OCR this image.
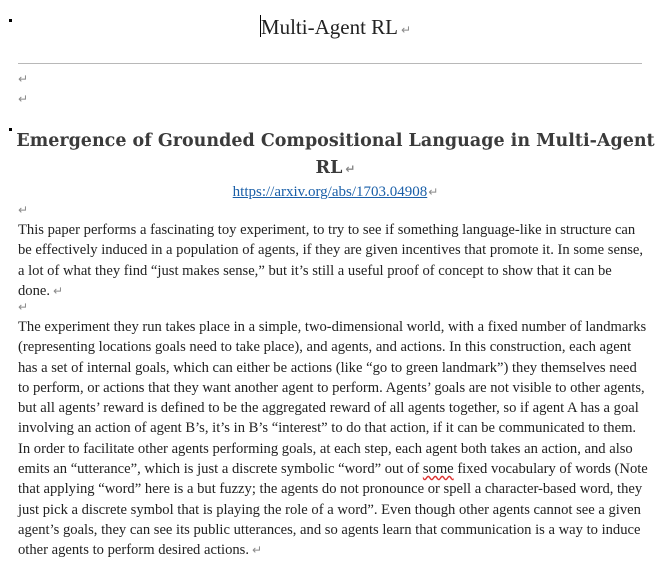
Multi-Agent RL ↵
↵
↵
Emergence of Grounded Compositional Language in Multi-Agent RL ↵
https://arxiv.org/abs/1703.04908↵
↵
This paper performs a fascinating toy experiment, to try to see if something language-like in structure can be effectively induced in a population of agents, if they are given incentives that promote it. In some sense, a lot of what they find “just makes sense,” but it’s still a useful proof of concept to show that it can be done. ↵
↵
The experiment they run takes place in a simple, two-dimensional world, with a fixed number of landmarks (representing locations goals need to take place), and agents, and actions. In this construction, each agent has a set of internal goals, which can either be actions (like “go to green landmark”) they themselves need to perform, or actions that they want another agent to perform. Agents’ goals are not visible to other agents, but all agents’ reward is defined to be the aggregated reward of all agents together, so if agent A has a goal involving an action of agent B’s, it’s in B’s “interest” to do that action, if it can be communicated to them. In order to facilitate other agents performing goals, at each step, each agent both takes an action, and also emits an “utterance”, which is just a discrete symbolic “word” out of some fixed vocabulary of words (Note that applying “word” here is a but fuzzy; the agents do not pronounce or spell a character-based word, they just pick a discrete symbol that is playing the role of a word”. Even though other agents cannot see a given agent’s goals, they can see its public utterances, and so agents learn that communication is a way to induce other agents to perform desired actions. ↵
